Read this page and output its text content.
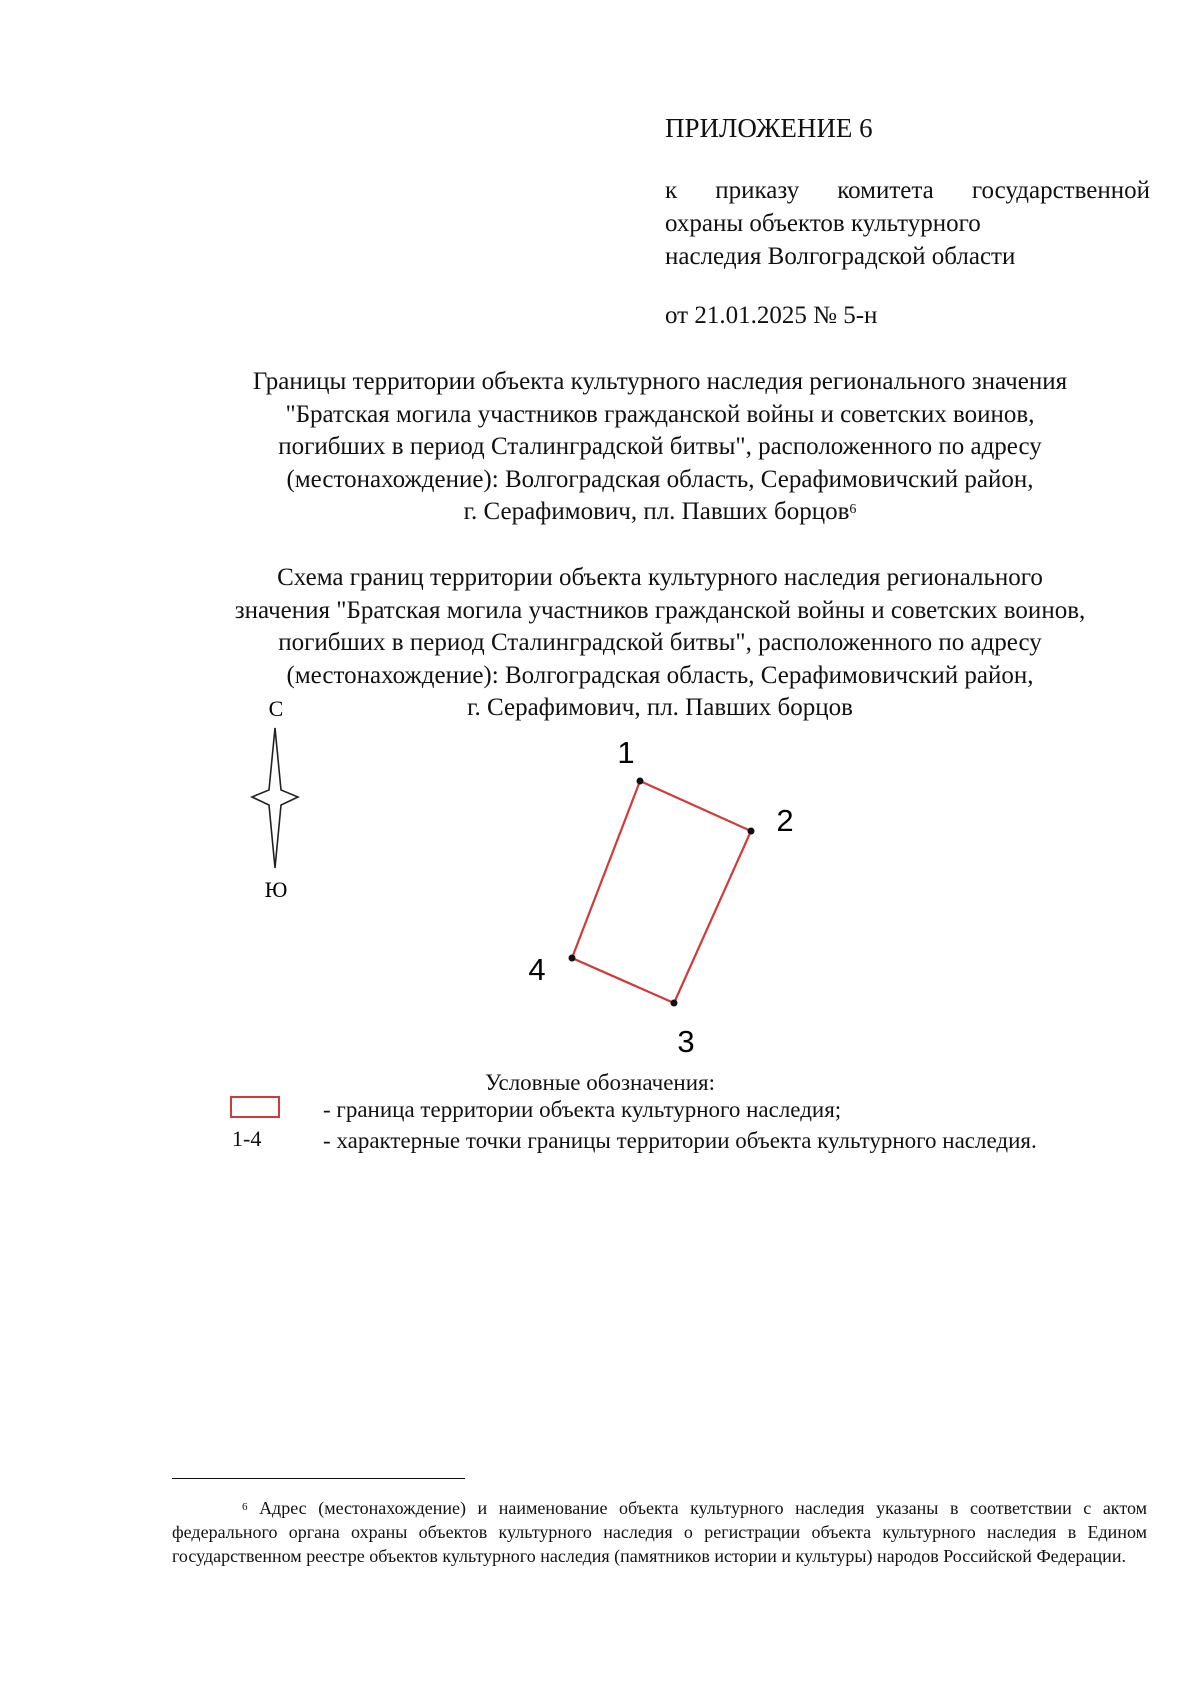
ПРИЛОЖЕНИЕ 6
к приказу комитета государственной
охраны объектов культурного
наследия Волгоградской области
от 21.01.2025 № 5-н
Границы территории объекта культурного наследия регионального значения
"Братская могила участников гражданской войны и советских воинов,
погибших в период Сталинградской битвы", расположенного по адресу
(местонахождение): Волгоградская область, Серафимовичский район,
г. Серафимович, пл. Павших борцов$^6$
Схема границ территории объекта культурного наследия регионального
значения "Братская могила участников гражданской войны и советских воинов,
погибших в период Сталинградской битвы", расположенного по адресу
(местонахождение): Волгоградская область, Серафимовичский район,
г. Серафимович, пл. Павших борцов
С
Ю
1
2
3
4
Условные обозначения:
- граница территории объекта культурного наследия;
1-4	- характерные точки границы территории объекта культурного наследия.
$^6$ Адрес (местонахождение) и наименование объекта культурного наследия указаны в соответствии с актом федерального органа охраны объектов культурного наследия о регистрации объекта культурного наследия в Едином государственном реестре объектов культурного наследия (памятников истории и культуры) народов Российской Федерации.
